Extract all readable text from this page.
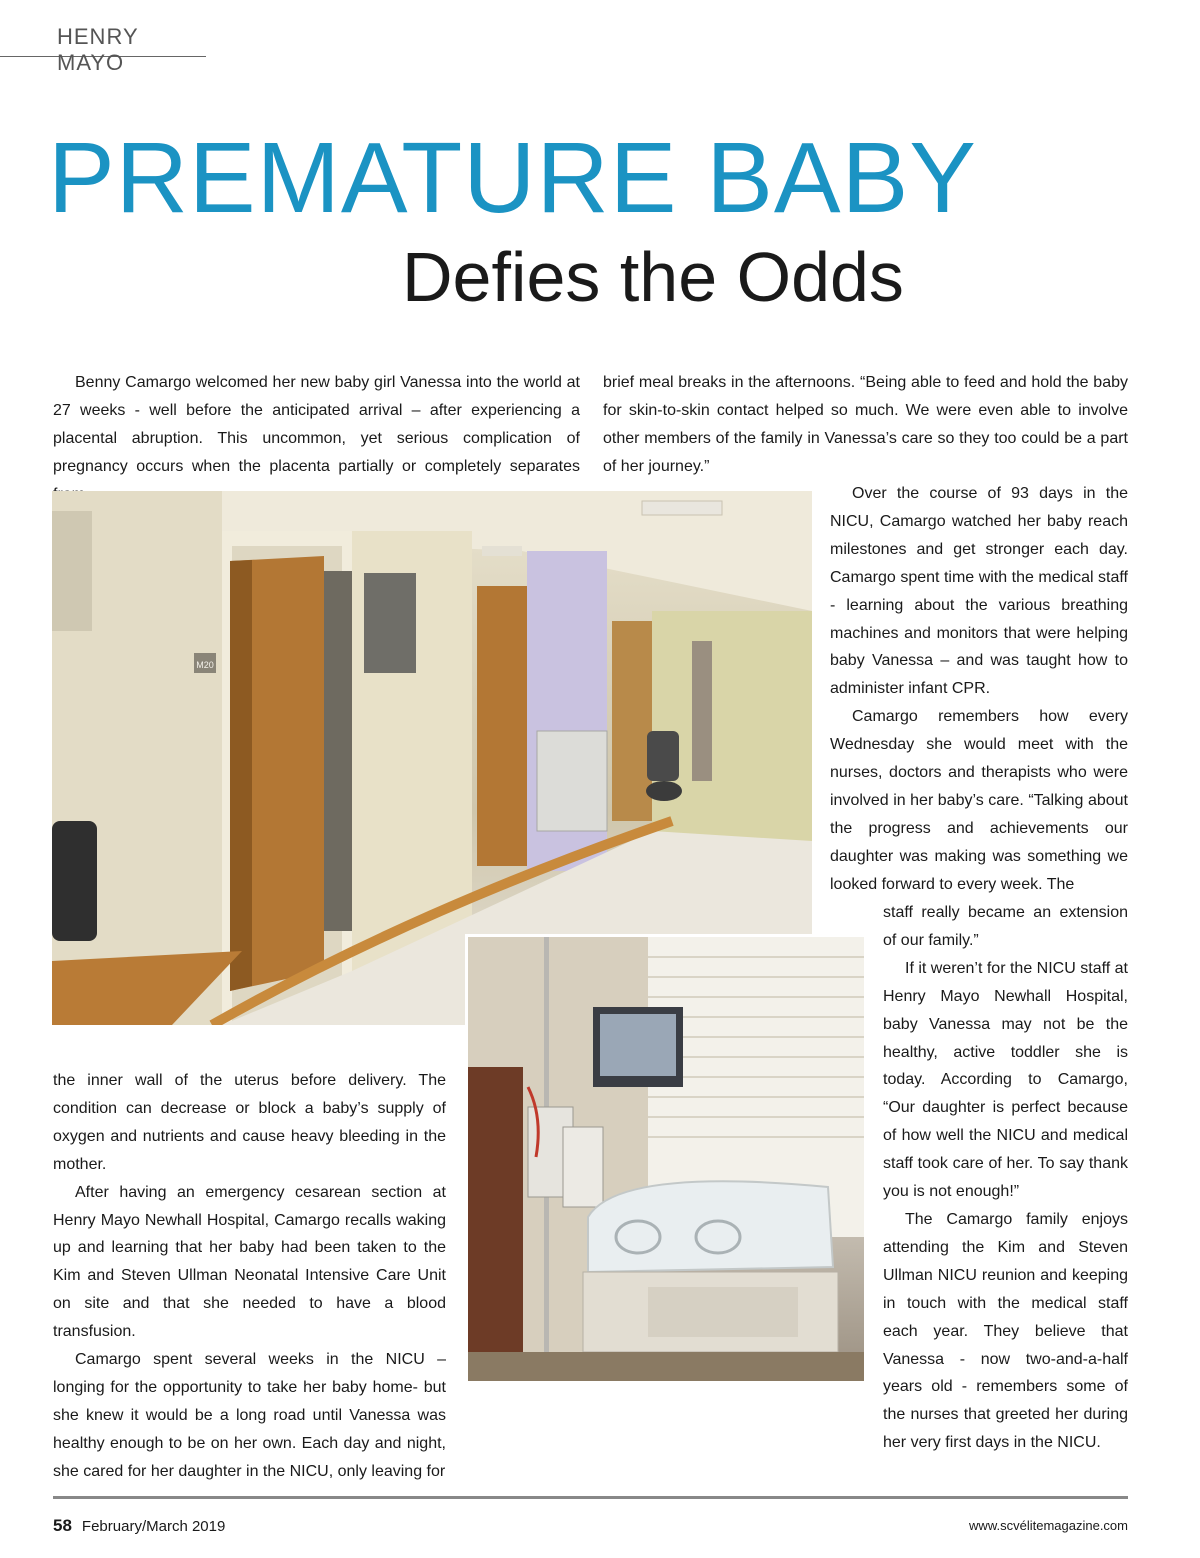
HENRY MAYO
PREMATURE BABY
Defies the Odds

Benny Camargo welcomed her new baby girl Vanessa into the world at 27 weeks - well before the anticipated arrival – after experiencing a placental abruption. This uncommon, yet serious complication of pregnancy occurs when the placenta partially or completely separates

brief meal breaks in the afternoons. “Being able to feed and hold the baby for skin-to-skin contact helped so much. We were even able to involve other members of the family in Vanessa’s care so they too could be a part of her journey.”

M20

Over the course of 93 days in the NICU, Camargo watched her baby reach milestones and get stronger each day. Camargo spent time with the medical staff - learning about the various breathing machines and monitors that were helping baby Vanessa – and was taught how to administer infant CPR.

Camargo remembers how every Wednesday she would meet with the nurses, doctors and therapists who were involved in her baby’s care. “Talking about the progress and achievements our daughter was making was something we looked forward to every week. The

staff really became an extension of our family.”

If it weren’t for the NICU staff at Henry Mayo Newhall Hospital, baby Vanessa may not be the healthy, active toddler she is today. According to Camargo, “Our daughter is perfect because of how well the NICU and medical staff took care of her. To say thank you is not enough!”

The Camargo family enjoys attending the Kim and Steven Ullman NICU reunion and keeping in touch with the medical staff each year. They believe that Vanessa - now two-and-a-half years old - remembers some of the nurses that greeted her during her very first days in the NICU.

the inner wall of the uterus before delivery. The condition can decrease or block a baby’s supply of oxygen and nutrients and cause heavy bleeding in the mother.

After having an emergency cesarean section at Henry Mayo Newhall Hospital, Camargo recalls waking up and learning that her baby had been taken to the Kim and Steven Ullman Neonatal Intensive Care Unit on site and that she needed to have a blood transfusion.

Camargo spent several weeks in the NICU – longing for the opportunity to take her baby home- but she knew it would be a long road until Vanessa was healthy enough to be on her own. Each day and night, she cared for her daughter in the NICU, only leaving for

58 February/March 2019	www.scvélitemagazine.com
